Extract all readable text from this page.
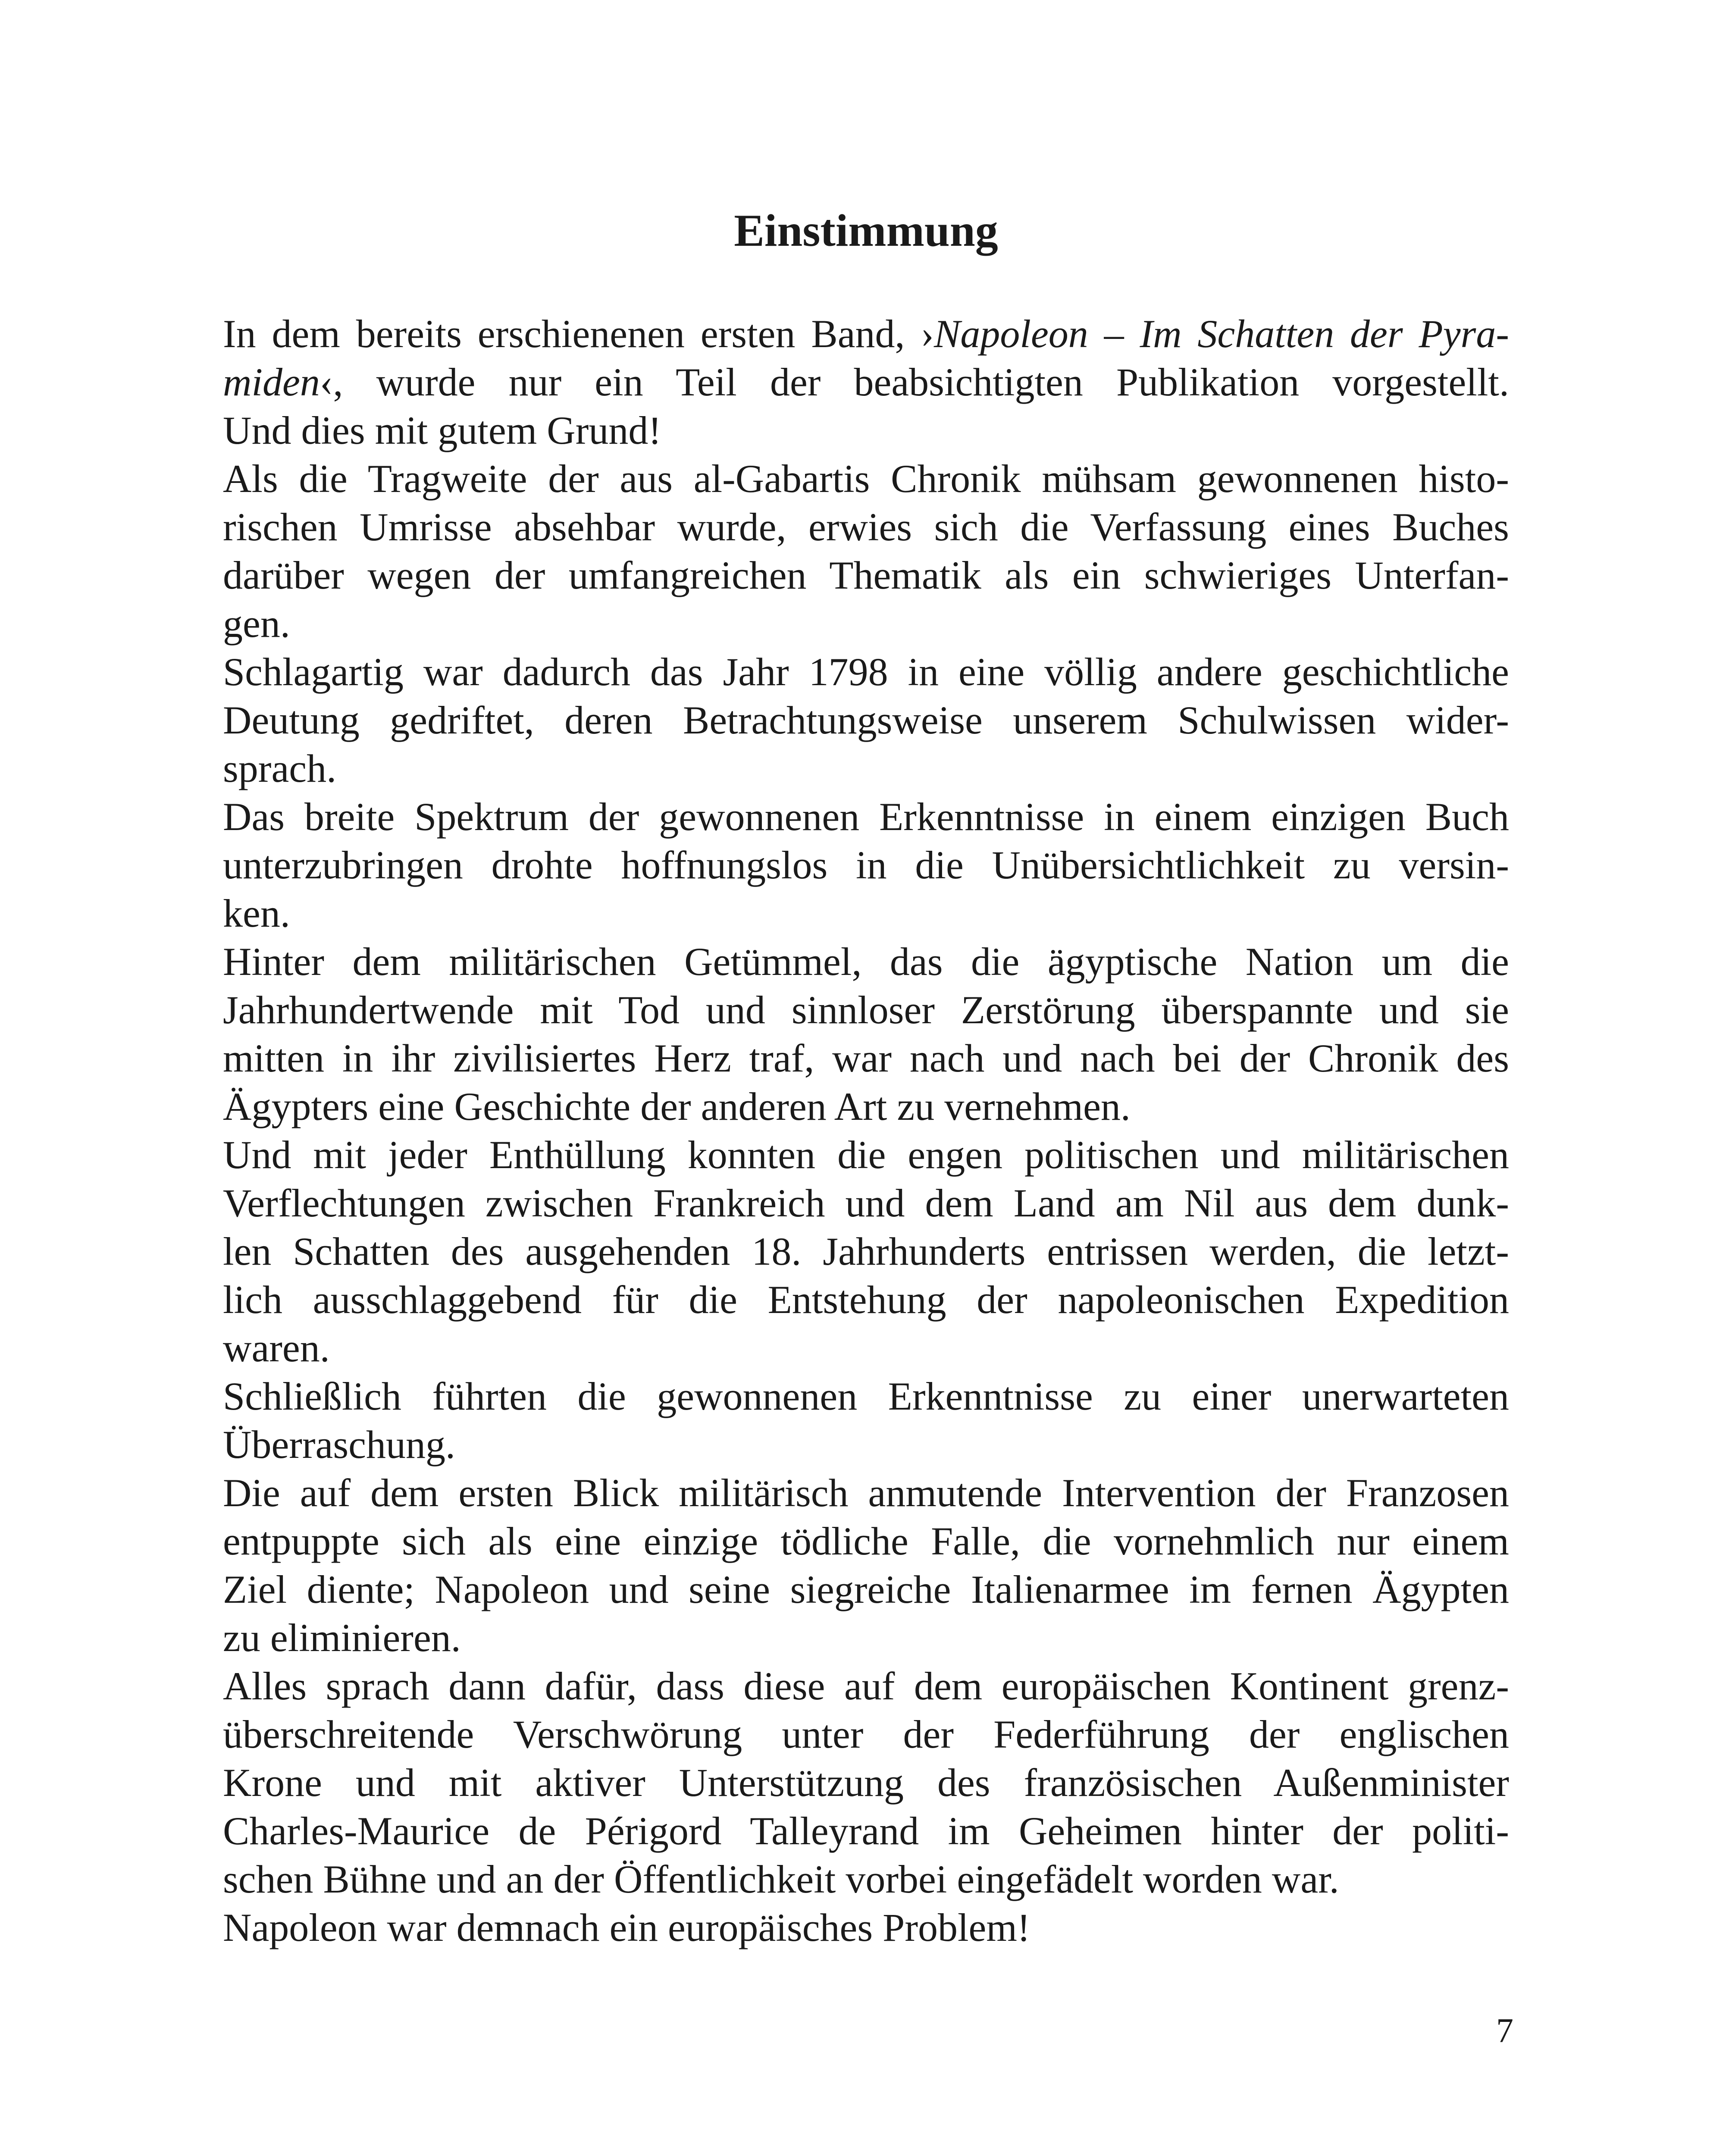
Einstimmung
In dem bereits erschienenen ersten Band, ›Napoleon – Im Schatten der Pyra-
miden‹, wurde nur ein Teil der beabsichtigten Publikation vorgestellt.
Und dies mit gutem Grund!
Als die Tragweite der aus al-Gabartis Chronik mühsam gewonnenen histo-
rischen Umrisse absehbar wurde, erwies sich die Verfassung eines Buches
darüber wegen der umfangreichen Thematik als ein schwieriges Unterfan-
gen.
Schlagartig war dadurch das Jahr 1798 in eine völlig andere geschichtliche
Deutung gedriftet, deren Betrachtungsweise unserem Schulwissen wider-
sprach.
Das breite Spektrum der gewonnenen Erkenntnisse in einem einzigen Buch
unterzubringen drohte hoffnungslos in die Unübersichtlichkeit zu versin-
ken.
Hinter dem militärischen Getümmel, das die ägyptische Nation um die
Jahrhundertwende mit Tod und sinnloser Zerstörung überspannte und sie
mitten in ihr zivilisiertes Herz traf, war nach und nach bei der Chronik des
Ägypters eine Geschichte der anderen Art zu vernehmen.
Und mit jeder Enthüllung konnten die engen politischen und militärischen
Verflechtungen zwischen Frankreich und dem Land am Nil aus dem dunk-
len Schatten des ausgehenden 18. Jahrhunderts entrissen werden, die letzt-
lich ausschlaggebend für die Entstehung der napoleonischen Expedition
waren.
Schließlich führten die gewonnenen Erkenntnisse zu einer unerwarteten
Überraschung.
Die auf dem ersten Blick militärisch anmutende Intervention der Franzosen
entpuppte sich als eine einzige tödliche Falle, die vornehmlich nur einem
Ziel diente; Napoleon und seine siegreiche Italienarmee im fernen Ägypten
zu eliminieren.
Alles sprach dann dafür, dass diese auf dem europäischen Kontinent grenz-
überschreitende Verschwörung unter der Federführung der englischen
Krone und mit aktiver Unterstützung des französischen Außenminister
Charles-Maurice de Périgord Talleyrand im Geheimen hinter der politi-
schen Bühne und an der Öffentlichkeit vorbei eingefädelt worden war.
Napoleon war demnach ein europäisches Problem!
7
